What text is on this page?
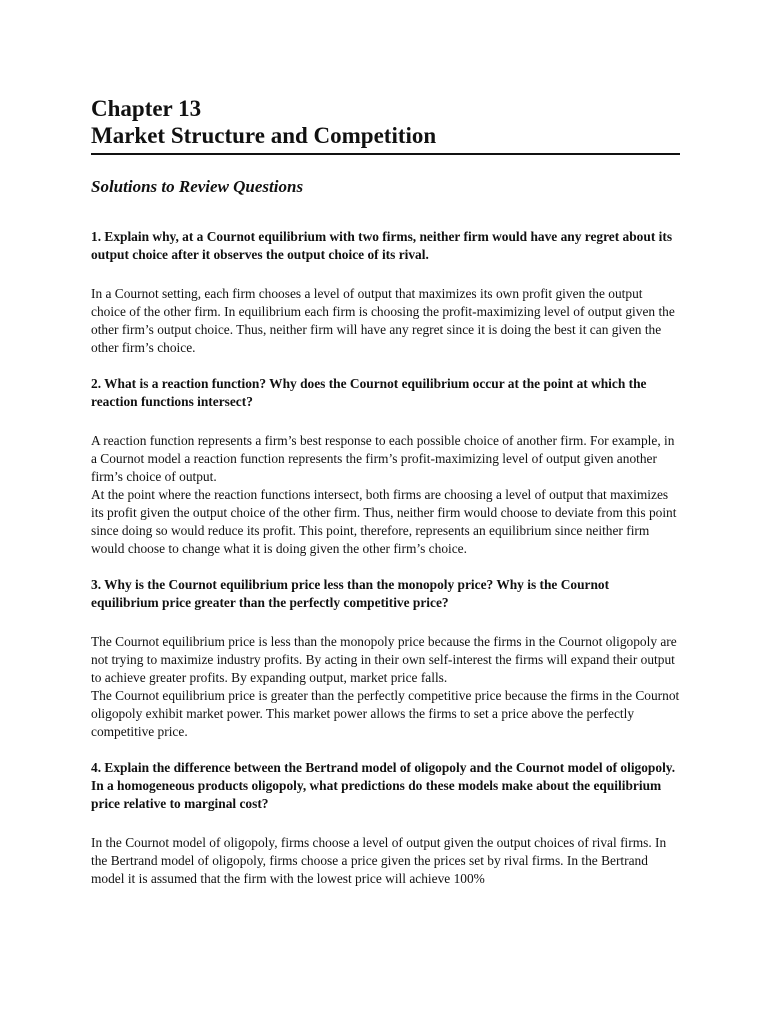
Chapter 13

Market Structure and Competition

Solutions to Review Questions

1. Explain why, at a Cournot equilibrium with two firms, neither firm would have any regret about its output choice after it observes the output choice of its rival.

In a Cournot setting, each firm chooses a level of output that maximizes its own profit given the output choice of the other firm. In equilibrium each firm is choosing the profit-maximizing level of output given the other firm’s output choice. Thus, neither firm will have any regret since it is doing the best it can given the other firm’s choice.

2. What is a reaction function? Why does the Cournot equilibrium occur at the point at which the reaction functions intersect?

A reaction function represents a firm’s best response to each possible choice of another firm. For example, in a Cournot model a reaction function represents the firm’s profit-maximizing level of output given another firm’s choice of output.

At the point where the reaction functions intersect, both firms are choosing a level of output that maximizes its profit given the output choice of the other firm. Thus, neither firm would choose to deviate from this point since doing so would reduce its profit. This point, therefore, represents an equilibrium since neither firm would choose to change what it is doing given the other firm’s choice.

3. Why is the Cournot equilibrium price less than the monopoly price? Why is the Cournot equilibrium price greater than the perfectly competitive price?

The Cournot equilibrium price is less than the monopoly price because the firms in the Cournot oligopoly are not trying to maximize industry profits. By acting in their own self-interest the firms will expand their output to achieve greater profits. By expanding output, market price falls.

The Cournot equilibrium price is greater than the perfectly competitive price because the firms in the Cournot oligopoly exhibit market power. This market power allows the firms to set a price above the perfectly competitive price.

4. Explain the difference between the Bertrand model of oligopoly and the Cournot model of oligopoly. In a homogeneous products oligopoly, what predictions do these models make about the equilibrium price relative to marginal cost?

In the Cournot model of oligopoly, firms choose a level of output given the output choices of rival firms. In the Bertrand model of oligopoly, firms choose a price given the prices set by rival firms. In the Bertrand model it is assumed that the firm with the lowest price will achieve 100%
